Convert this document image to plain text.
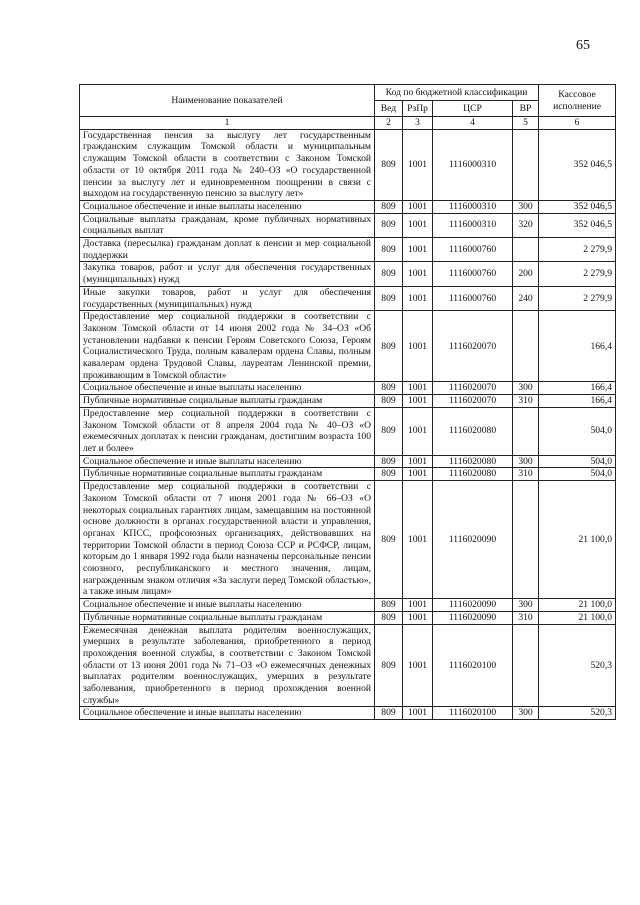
65
Наименование показателей	Код по бюджетной классификации				Кассовое исполнение
	Вед	РзПр	ЦСР	ВР	
1	2	3	4	5	6
Государственная пенсия за выслугу лет государственным гражданским служащим Томской области и муниципальным служащим Томской области в соответствии с Законом Томской области от 10 октября 2011 года № 240–ОЗ «О государственной пенсии за выслугу лет и единовременном поощрении в связи с выходом на государственную пенсию за выслугу лет»	809	1001	1116000310		352 046,5
Социальное обеспечение и иные выплаты населению	809	1001	1116000310	300	352 046,5
Социальные выплаты гражданам, кроме публичных нормативных социальных выплат	809	1001	1116000310	320	352 046,5
Доставка (пересылка) гражданам доплат к пенсии и мер социальной поддержки	809	1001	1116000760		2 279,9
Закупка товаров, работ и услуг для обеспечения государственных (муниципальных) нужд	809	1001	1116000760	200	2 279,9
Иные закупки товаров, работ и услуг для обеспечения государственных (муниципальных) нужд	809	1001	1116000760	240	2 279,9
Предоставление мер социальной поддержки в соответствии с Законом Томской области от 14 июня 2002 года № 34–ОЗ «Об установлении надбавки к пенсии Героям Советского Союза, Героям Социалистического Труда, полным кавалерам ордена Славы, полным кавалерам ордена Трудовой Славы, лауреатам Ленинской премии, проживающим в Томской области»	809	1001	1116020070		166,4
Социальное обеспечение и иные выплаты населению	809	1001	1116020070	300	166,4
Публичные нормативные социальные выплаты гражданам	809	1001	1116020070	310	166,4
Предоставление мер социальной поддержки в соответствии с Законом Томской области от 8 апреля 2004 года № 40–ОЗ «О ежемесячных доплатах к пенсии гражданам, достигшим возраста 100 лет и более»	809	1001	1116020080		504,0
Социальное обеспечение и иные выплаты населению	809	1001	1116020080	300	504,0
Публичные нормативные социальные выплаты гражданам	809	1001	1116020080	310	504,0
Предоставление мер социальной поддержки в соответствии с Законом Томской области от 7 июня 2001 года № 66–ОЗ «О некоторых социальных гарантиях лицам, замещавшим на постоянной основе должности в органах государственной власти и управления, органах КПСС, профсоюзных организациях, действовавших на территории Томской области в период Союза ССР и РСФСР, лицам, которым до 1 января 1992 года были назначены персональные пенсии союзного, республиканского и местного значения, лицам, награжденным знаком отличия «За заслуги перед Томской областью», а также иным лицам»	809	1001	1116020090		21 100,0
Социальное обеспечение и иные выплаты населению	809	1001	1116020090	300	21 100,0
Публичные нормативные социальные выплаты гражданам	809	1001	1116020090	310	21 100,0
Ежемесячная денежная выплата родителям военнослужащих, умерших в результате заболевания, приобретенного в период прохождения военной службы, в соответствии с Законом Томской области от 13 июня 2001 года № 71–ОЗ «О ежемесячных денежных выплатах родителям военнослужащих, умерших в результате заболевания, приобретенного в период прохождения военной службы»	809	1001	1116020100		520,3
Социальное обеспечение и иные выплаты населению	809	1001	1116020100	300	520,3
